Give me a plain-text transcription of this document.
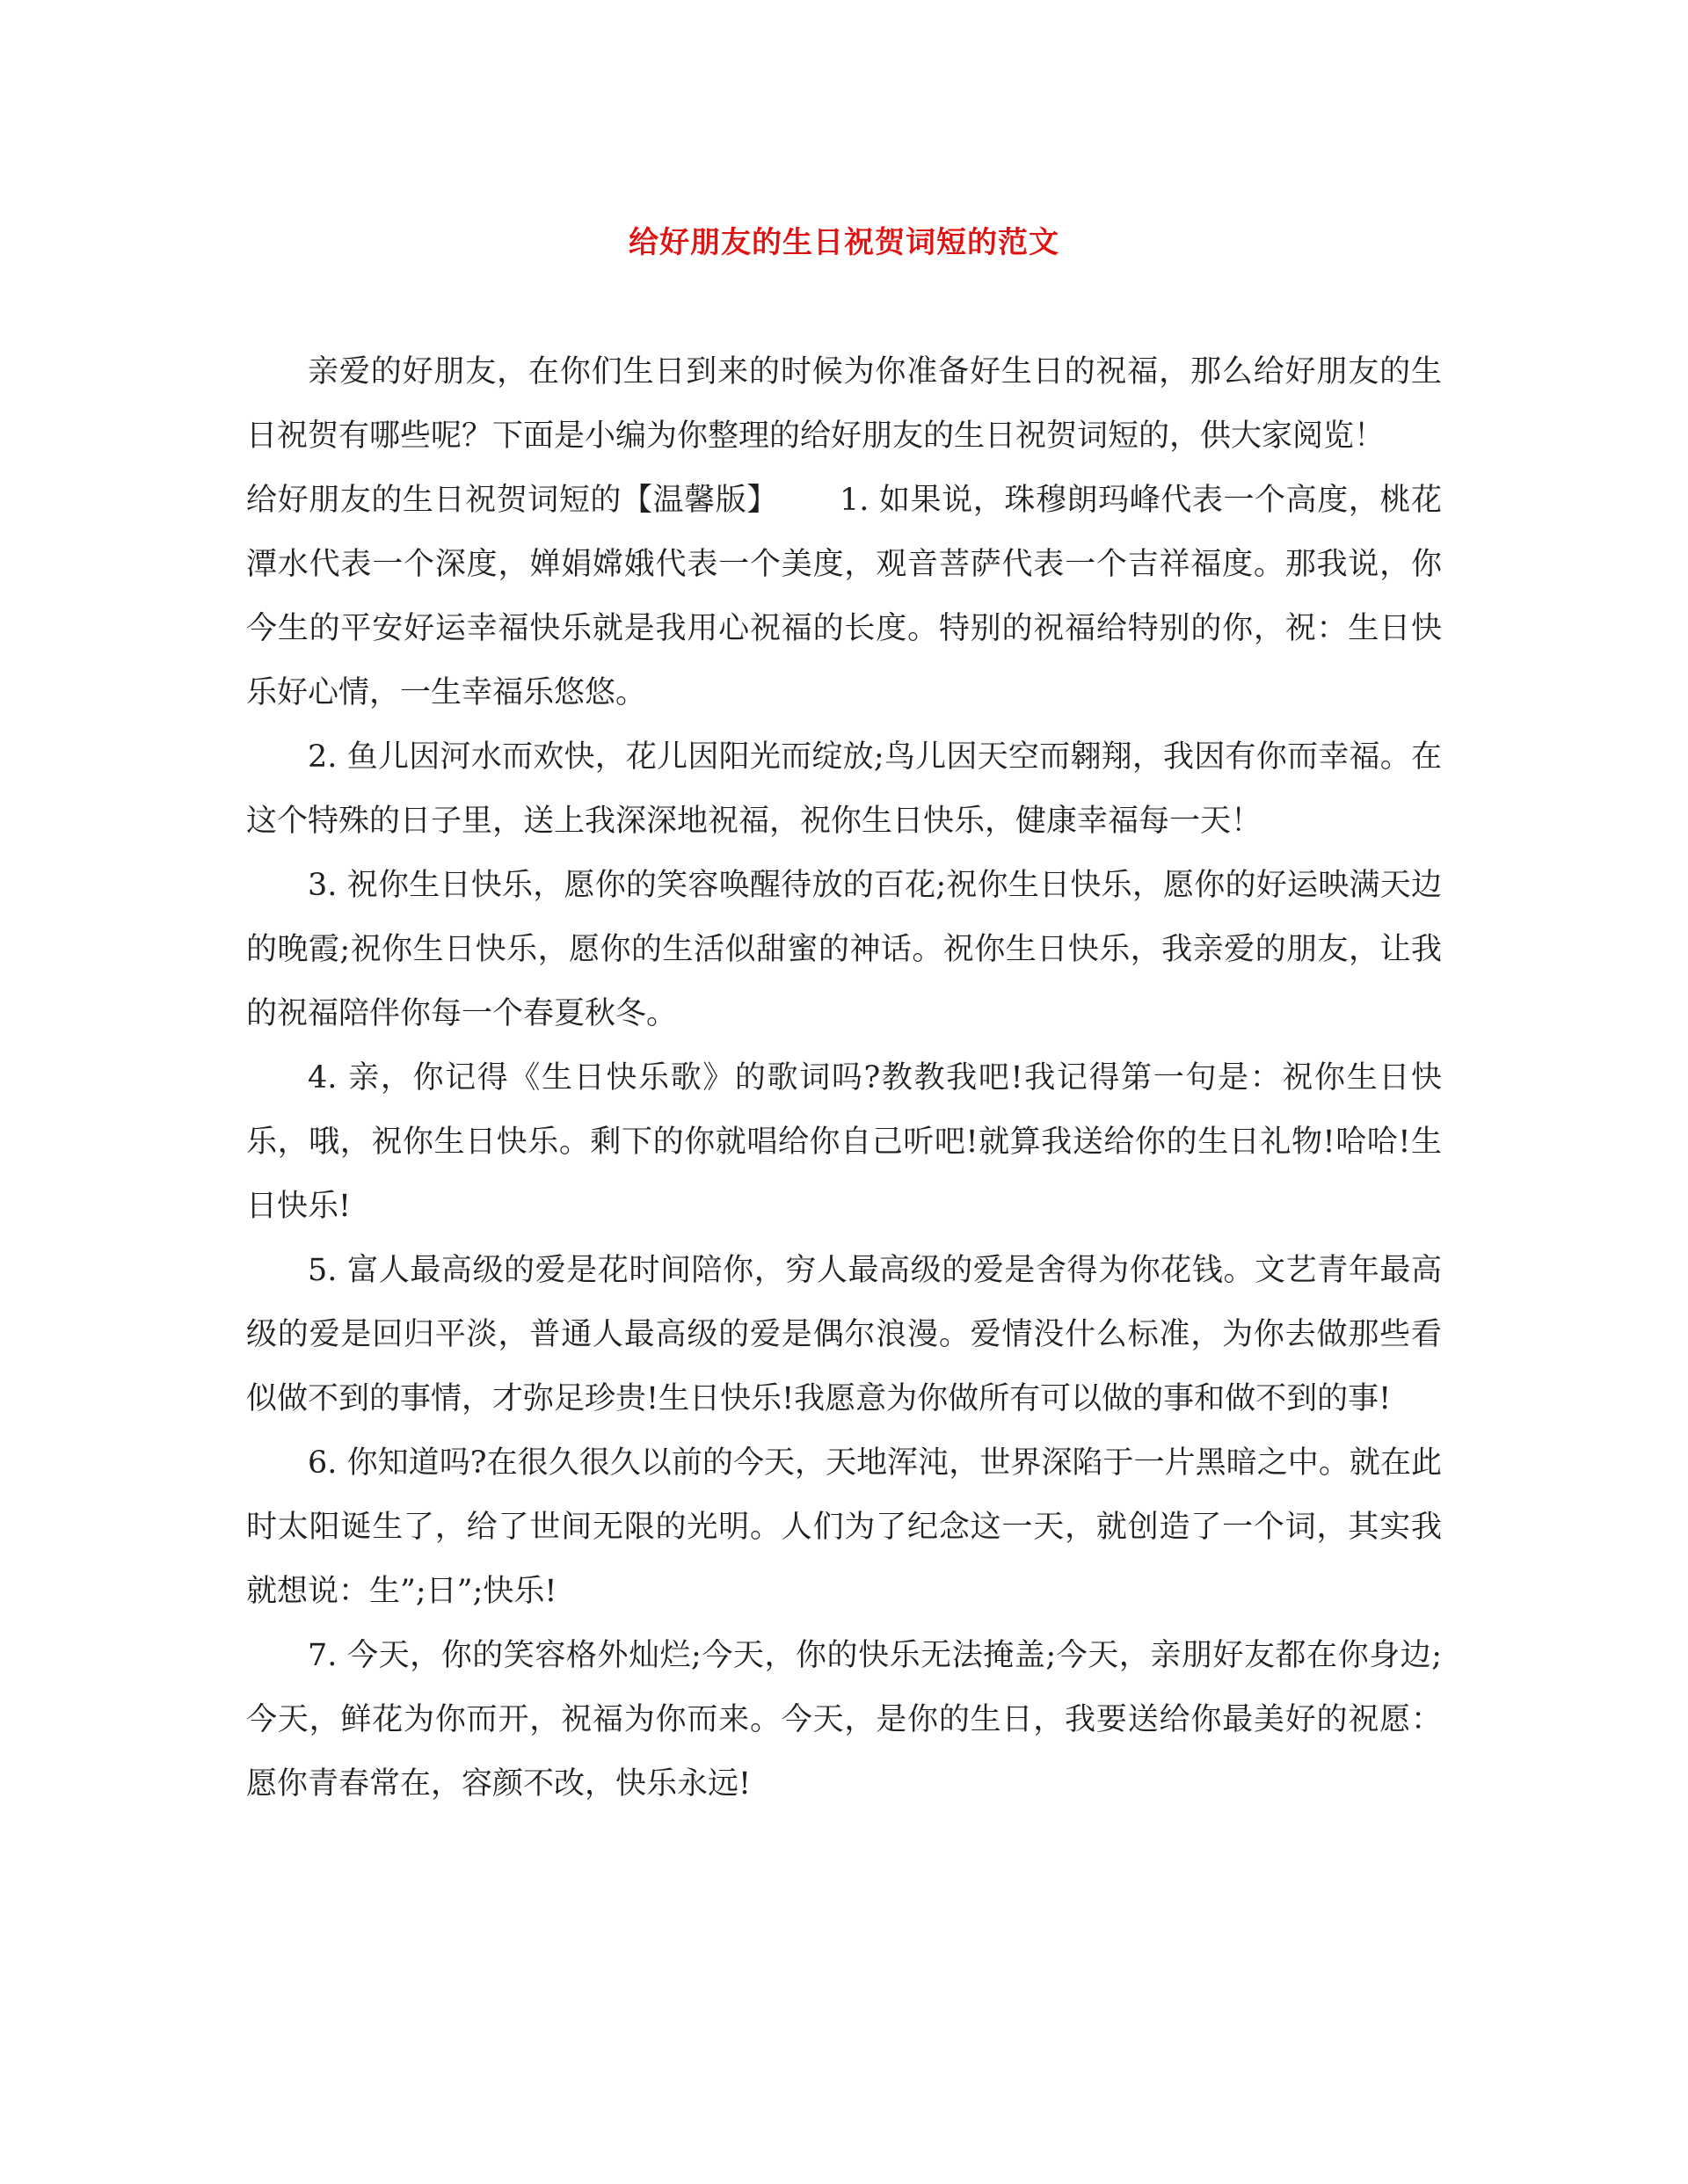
给好朋友的生日祝贺词短的范文

亲爱的好朋友，在你们生日到来的时候为你准备好生日的祝福，那么给好朋友的生日祝贺有哪些呢？下面是小编为你整理的给好朋友的生日祝贺词短的，供大家阅览！

给好朋友的生日祝贺词短的【温馨版】 1. 如果说，珠穆朗玛峰代表一个高度，桃花潭水代表一个深度，婵娟嫦娥代表一个美度，观音菩萨代表一个吉祥福度。那我说，你今生的平安好运幸福快乐就是我用心祝福的长度。特别的祝福给特别的你，祝：生日快乐好心情，一生幸福乐悠悠。

2. 鱼儿因河水而欢快，花儿因阳光而绽放;鸟儿因天空而翱翔，我因有你而幸福。在这个特殊的日子里，送上我深深地祝福，祝你生日快乐，健康幸福每一天！

3. 祝你生日快乐，愿你的笑容唤醒待放的百花;祝你生日快乐，愿你的好运映满天边的晚霞;祝你生日快乐，愿你的生活似甜蜜的神话。祝你生日快乐，我亲爱的朋友，让我的祝福陪伴你每一个春夏秋冬。

4. 亲，你记得《生日快乐歌》的歌词吗?教教我吧!我记得第一句是：祝你生日快乐，哦，祝你生日快乐。剩下的你就唱给你自己听吧!就算我送给你的生日礼物!哈哈!生日快乐!

5. 富人最高级的爱是花时间陪你，穷人最高级的爱是舍得为你花钱。文艺青年最高级的爱是回归平淡，普通人最高级的爱是偶尔浪漫。爱情没什么标准，为你去做那些看似做不到的事情，才弥足珍贵!生日快乐!我愿意为你做所有可以做的事和做不到的事!

6. 你知道吗?在很久很久以前的今天，天地浑沌，世界深陷于一片黑暗之中。就在此时太阳诞生了，给了世间无限的光明。人们为了纪念这一天，就创造了一个词，其实我就想说：生”;日”;快乐!

7. 今天，你的笑容格外灿烂;今天，你的快乐无法掩盖;今天，亲朋好友都在你身边;今天，鲜花为你而开，祝福为你而来。今天，是你的生日，我要送给你最美好的祝愿：愿你青春常在，容颜不改，快乐永远!
